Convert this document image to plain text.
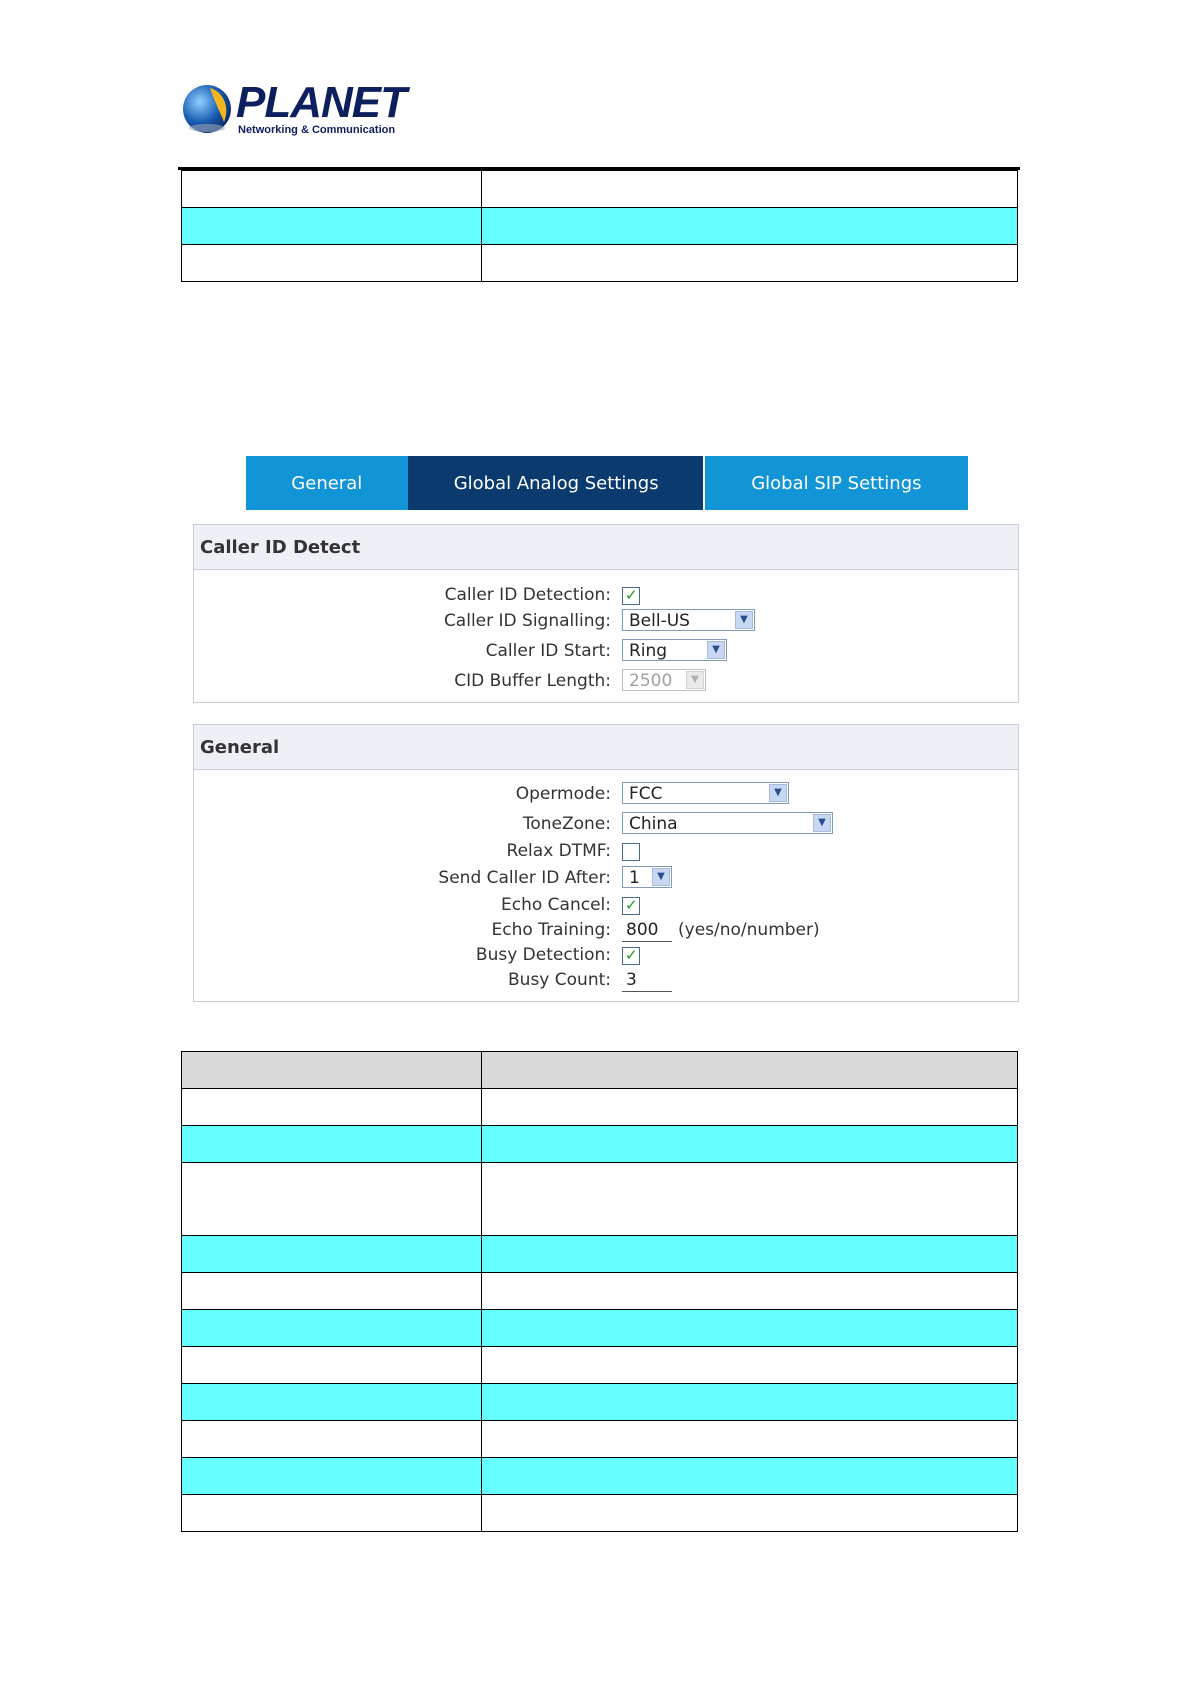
PLANET
Networking & Communication

General	Global Analog Settings	Global SIP Settings
Caller ID Detect
Caller ID Detection: ✓
Caller ID Signalling:	Bell-US	▼
Caller ID Start:	Ring	▼
CID Buffer Length:	2500	▼
General
Opermode:	FCC	▼
ToneZone:	China	▼
Relax DTMF:
Send Caller ID After:	1	▼
Echo Cancel: ✓
Echo Training: 800	(yes/no/number)
Busy Detection: ✓
Busy Count: 3
